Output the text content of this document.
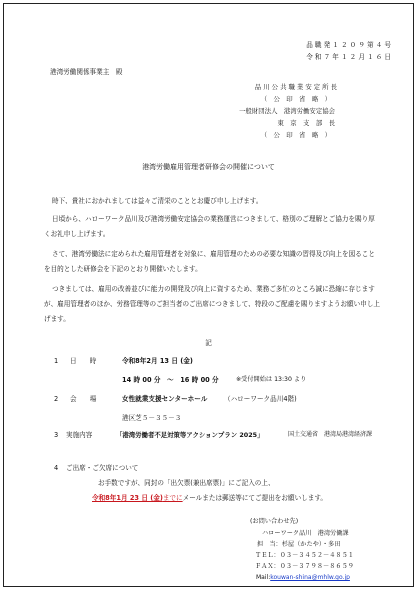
品 職 発 １ ２ ０ ９ 第 ４ 号
令 和 ７ 年 １ ２ 月 １ ６ 日
港湾労働関係事業主　殿
品 川 公 共 職 業 安 定 所 長
（　公　印　省　略　）
一般財団法人　港湾労働安定協会
東　京　支　部　長
（　公　印　省　略　）
港湾労働雇用管理者研修会の開催について
時下、貴社におかれましては益々ご清栄のこととお慶び申し上げます。
日頃から、ハローワーク品川及び港湾労働安定協会の業務運営につきまして、格別のご理解とご協力を賜り厚くお礼申し上げます。
さて、港湾労働法に定められた雇用管理者を対象に、雇用管理のための必要な知識の習得及び向上を図ることを目的とした研修会を下記のとおり開催いたします。
つきましては、雇用の改善並びに能力の開発及び向上に資するため、業務ご多忙のところ誠に恐縮に存じますが、雇用管理者のほか、労務管理等のご担当者のご出席につきまして、特段のご配慮を賜りますようお願い申し上げます。
記
1 日　　時	令和8年2月 13 日 (金)
14 時 00 分　～　16 時 00 分	※受付開始は 13:30 より
2 会　　場	女性就業支援センターホール	（ハローワーク品川4階)
港区芝５－３５－３
3 実施内容	「港湾労働者不足対策等アクションプラン 2025」	国土交通省　港湾局港湾経済課
4 ご出席・ご欠席について
お手数ですが、同封の「出欠票(兼出席票)」にご記入の上、
令和8年1月 23 日 (金)までにメールまたは郵送等にてご提出をお願いします。
(お問い合わせ先)
ハローワーク品川　港湾労働課
担　当：杉屋（かたや）・多田
ＴＥＬ：０３－３４５２－４８５１
ＦＡＸ：０３－３７９８－８６５９
Mail:kouwan-shina@mhlw.go.jp
